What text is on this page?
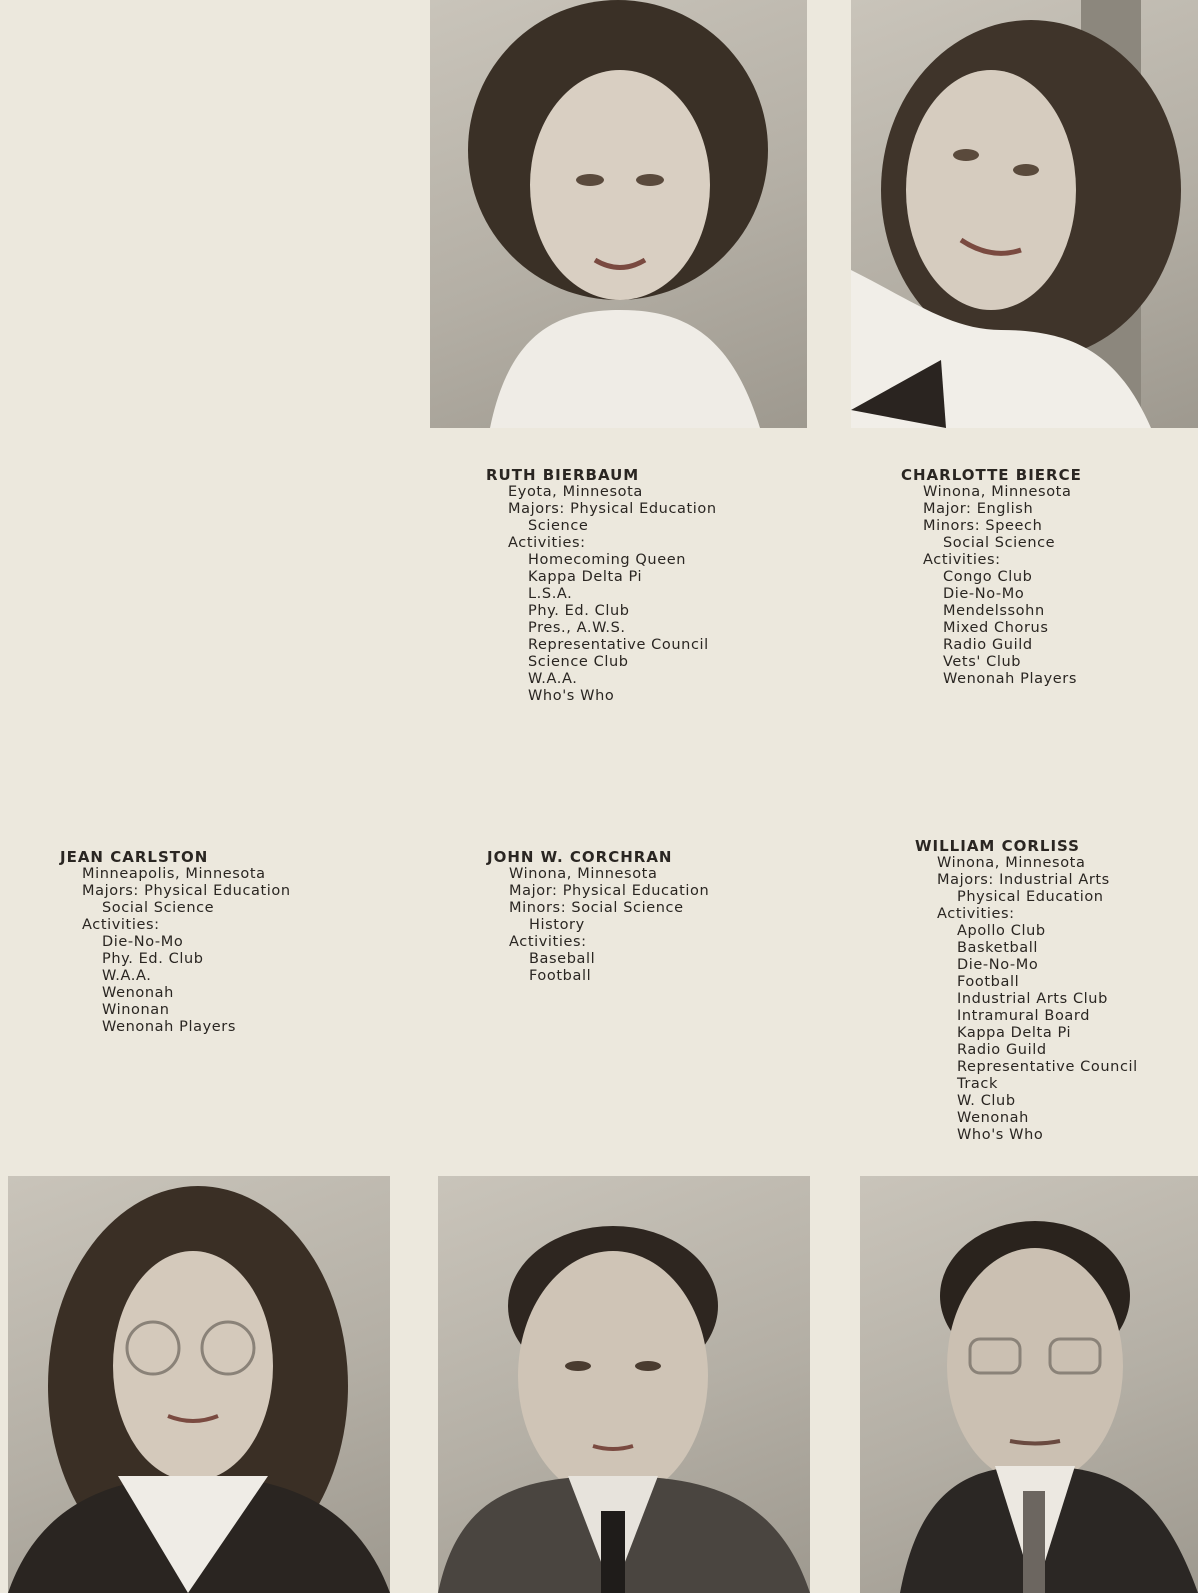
RUTH BIERBAUM
Eyota, Minnesota
Majors: Physical Education
Science
Activities:
Homecoming Queen
Kappa Delta Pi
L.S.A.
Phy. Ed. Club
Pres., A.W.S.
Representative Council
Science Club
W.A.A.
Who's Who
CHARLOTTE BIERCE
Winona, Minnesota
Major: English
Minors: Speech
Social Science
Activities:
Congo Club
Die-No-Mo
Mendelssohn
Mixed Chorus
Radio Guild
Vets' Club
Wenonah Players
JEAN CARLSTON
Minneapolis, Minnesota
Majors: Physical Education
Social Science
Activities:
Die-No-Mo
Phy. Ed. Club
W.A.A.
Wenonah
Winonan
Wenonah Players
JOHN W. CORCHRAN
Winona, Minnesota
Major: Physical Education
Minors: Social Science
History
Activities:
Baseball
Football
WILLIAM CORLISS
Winona, Minnesota
Majors: Industrial Arts
Physical Education
Activities:
Apollo Club
Basketball
Die-No-Mo
Football
Industrial Arts Club
Intramural Board
Kappa Delta Pi
Radio Guild
Representative Council
Track
W. Club
Wenonah
Who's Who
